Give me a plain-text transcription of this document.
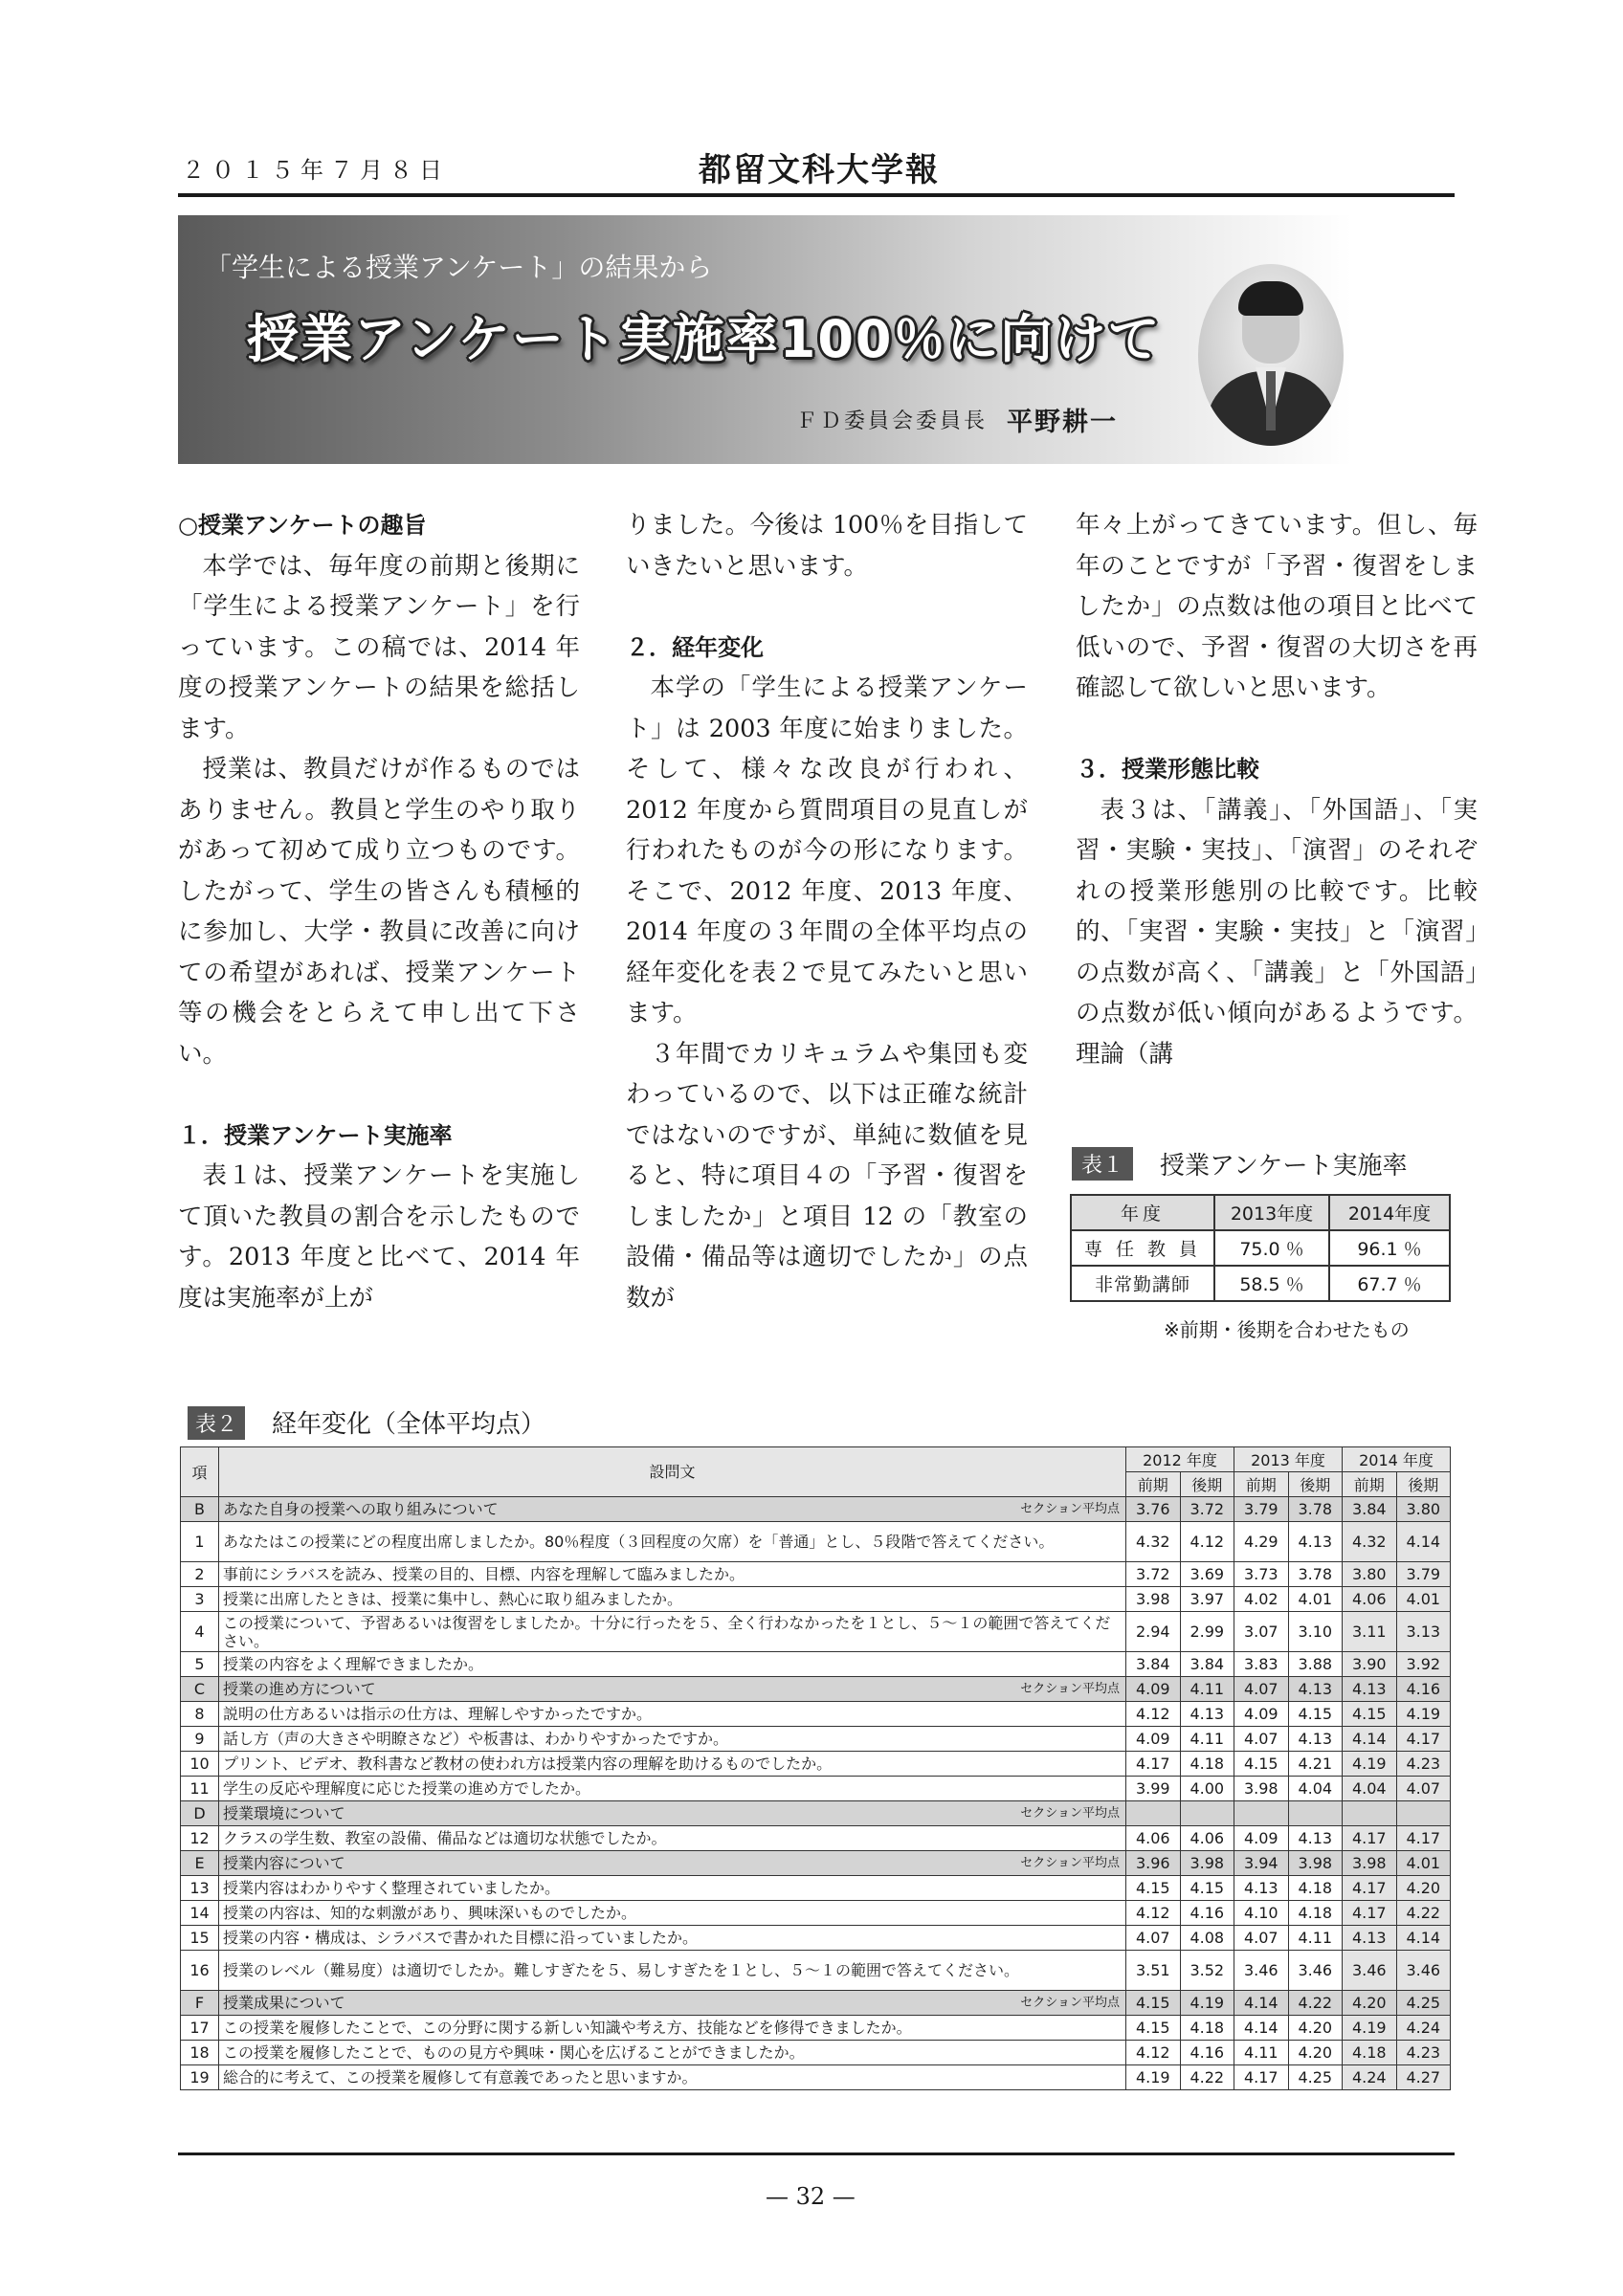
２０１５年７月８日	都留文科大学報
「学生による授業アンケート」の結果から
授業アンケート実施率100％に向けて
ＦＤ委員会委員長 平野耕一
○授業アンケートの趣旨

本学では、毎年度の前期と後期に「学生による授業アンケート」を行っています。この稿では、2014 年度の授業アンケートの結果を総括します。

授業は、教員だけが作るものではありません。教員と学生のやり取りがあって初めて成り立つものです。したがって、学生の皆さんも積極的に参加し、大学・教員に改善に向けての希望があれば、授業アンケート等の機会をとらえて申し出て下さい。

１．授業アンケート実施率

表１は、授業アンケートを実施して頂いた教員の割合を示したものです。2013 年度と比べて、2014 年度は実施率が上が

りました。今後は 100％を目指していきたいと思います。

２．経年変化

本学の「学生による授業アンケート」は 2003 年度に始まりました。そして、様々な改良が行われ、2012 年度から質問項目の見直しが行われたものが今の形になります。そこで、2012 年度、2013 年度、2014 年度の３年間の全体平均点の経年変化を表２で見てみたいと思います。

３年間でカリキュラムや集団も変わっているので、以下は正確な統計ではないのですが、単純に数値を見ると、特に項目４の「予習・復習をしましたか」と項目 12 の「教室の設備・備品等は適切でしたか」の点数が

年々上がってきています。但し、毎年のことですが「予習・復習をしましたか」の点数は他の項目と比べて低いので、予習・復習の大切さを再確認して欲しいと思います。

３．授業形態比較

表３は、「講義」、「外国語」、「実習・実験・実技」、「演習」のそれぞれの授業形態別の比較です。比較的、「実習・実験・実技」と「演習」の点数が高く、「講義」と「外国語」の点数が低い傾向があるようです。理論（講

表１	授業アンケート実施率
年度	2013年度	2014年度
専 任 教 員	75.0 ％	96.1 ％
非常勤講師	58.5 ％	67.7 ％
※前期・後期を合わせたもの
表２	経年変化（全体平均点）
項	設問文	2012 年度		2013 年度		2014 年度	
		前期	後期	前期	後期	前期	後期
B	あなた自身の授業への取り組みについて セクション平均点	3.76	3.72	3.79	3.78	3.84	3.80
1	あなたはこの授業にどの程度出席しましたか。80％程度（３回程度の欠席）を「普通」とし、５段階で答えてください。	4.32	4.12	4.29	4.13	4.32	4.14
2	事前にシラバスを読み、授業の目的、目標、内容を理解して臨みましたか。	3.72	3.69	3.73	3.78	3.80	3.79
3	授業に出席したときは、授業に集中し、熱心に取り組みましたか。	3.98	3.97	4.02	4.01	4.06	4.01
4	この授業について、予習あるいは復習をしましたか。十分に行ったを５、全く行わなかったを１とし、５～１の範囲で答えてください。	2.94	2.99	3.07	3.10	3.11	3.13
5	授業の内容をよく理解できましたか。	3.84	3.84	3.83	3.88	3.90	3.92
C	授業の進め方について セクション平均点	4.09	4.11	4.07	4.13	4.13	4.16
8	説明の仕方あるいは指示の仕方は、理解しやすかったですか。	4.12	4.13	4.09	4.15	4.15	4.19
9	話し方（声の大きさや明瞭さなど）や板書は、わかりやすかったですか。	4.09	4.11	4.07	4.13	4.14	4.17
10	プリント、ビデオ、教科書など教材の使われ方は授業内容の理解を助けるものでしたか。	4.17	4.18	4.15	4.21	4.19	4.23
11	学生の反応や理解度に応じた授業の進め方でしたか。	3.99	4.00	3.98	4.04	4.04	4.07
D	授業環境について セクション平均点						

12	クラスの学生数、教室の設備、備品などは適切な状態でしたか。	4.06	4.06	4.09	4.13	4.17	4.17
E	授業内容について セクション平均点	3.96	3.98	3.94	3.98	3.98	4.01
13	授業内容はわかりやすく整理されていましたか。	4.15	4.15	4.13	4.18	4.17	4.20
14	授業の内容は、知的な刺激があり、興味深いものでしたか。	4.12	4.16	4.10	4.18	4.17	4.22
15	授業の内容・構成は、シラバスで書かれた目標に沿っていましたか。	4.07	4.08	4.07	4.11	4.13	4.14
16	授業のレベル（難易度）は適切でしたか。難しすぎたを５、易しすぎたを１とし、５～１の範囲で答えてください。	3.51	3.52	3.46	3.46	3.46	3.46
F	授業成果について セクション平均点	4.15	4.19	4.14	4.22	4.20	4.25
17	この授業を履修したことで、この分野に関する新しい知識や考え方、技能などを修得できましたか。	4.15	4.18	4.14	4.20	4.19	4.24
18	この授業を履修したことで、ものの見方や興味・関心を広げることができましたか。	4.12	4.16	4.11	4.20	4.18	4.23
19	総合的に考えて、この授業を履修して有意義であったと思いますか。	4.19	4.22	4.17	4.25	4.24	4.27
— 32 —
